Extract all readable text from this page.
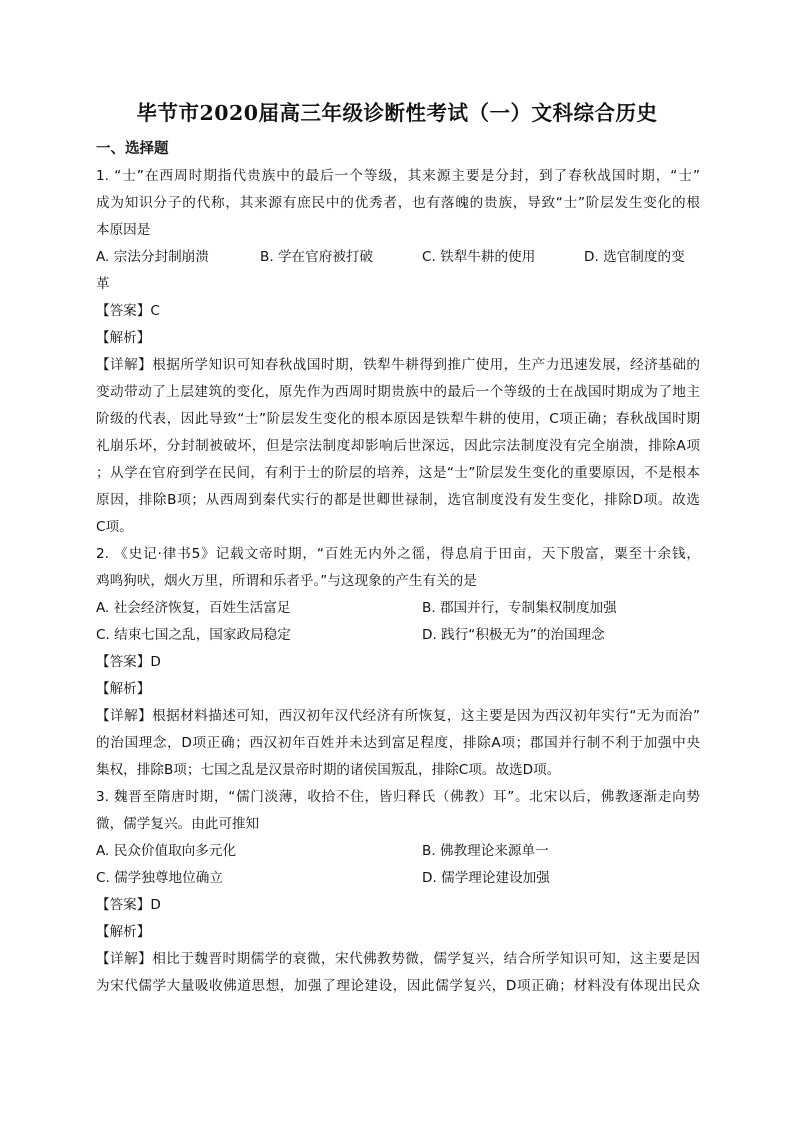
毕节市2020届高三年级诊断性考试（一）文科综合历史
一、选择题
1. “士”在西周时期指代贵族中的最后一个等级，其来源主要是分封，到了春秋战国时期，“士”
成为知识分子的代称，其来源有庶民中的优秀者，也有落魄的贵族，导致“士”阶层发生变化的根
本原因是
A. 宗法分封制崩溃	B. 学在官府被打破	C. 铁犁牛耕的使用	D. 选官制度的变
革
【答案】C
【解析】
【详解】根据所学知识可知春秋战国时期，铁犁牛耕得到推广使用，生产力迅速发展，经济基础的
变动带动了上层建筑的变化，原先作为西周时期贵族中的最后一个等级的士在战国时期成为了地主
阶级的代表，因此导致“士”阶层发生变化的根本原因是铁犁牛耕的使用，C项正确；春秋战国时期
礼崩乐坏，分封制被破坏，但是宗法制度却影响后世深远，因此宗法制度没有完全崩溃，排除A项
；从学在官府到学在民间，有利于士的阶层的培养，这是“士”阶层发生变化的重要原因，不是根本
原因，排除B项；从西周到秦代实行的都是世卿世禄制，选官制度没有发生变化，排除D项。故选
C项。
2. 《史记·律书5》记载文帝时期，“百姓无内外之徭，得息肩于田亩，天下殷富，粟至十余钱，
鸡鸣狗吠，烟火万里，所谓和乐者乎。”与这现象的产生有关的是
A. 社会经济恢复，百姓生活富足	B. 郡国并行，专制集权制度加强
C. 结束七国之乱，国家政局稳定	D. 践行“积极无为”的治国理念
【答案】D
【解析】
【详解】根据材料描述可知，西汉初年汉代经济有所恢复，这主要是因为西汉初年实行“无为而治”
的治国理念，D项正确；西汉初年百姓并未达到富足程度，排除A项；郡国并行制不利于加强中央
集权，排除B项；七国之乱是汉景帝时期的诸侯国叛乱，排除C项。故选D项。
3. 魏晋至隋唐时期，“儒门淡薄，收拾不住，皆归释氏（佛教）耳”。北宋以后，佛教逐渐走向势
微，儒学复兴。由此可推知
A. 民众价值取向多元化	B. 佛教理论来源单一
C. 儒学独尊地位确立	D. 儒学理论建设加强
【答案】D
【解析】
【详解】相比于魏晋时期儒学的衰微，宋代佛教势微，儒学复兴，结合所学知识可知，这主要是因
为宋代儒学大量吸收佛道思想，加强了理论建设，因此儒学复兴，D项正确；材料没有体现出民众
